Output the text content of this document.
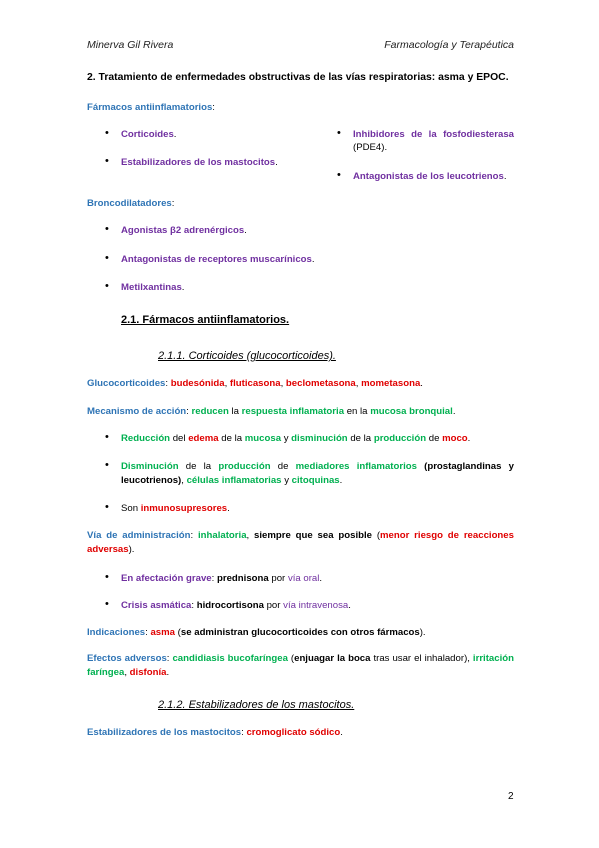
Minerva Gil Rivera	Farmacología y Terapéutica
2. Tratamiento de enfermedades obstructivas de las vías respiratorias: asma y EPOC.
Fármacos antiinflamatorios:
• Corticoides.
• Estabilizadores de los mastocitos.
• Inhibidores de la fosfodiesterasa (PDE4).
• Antagonistas de los leucotrienos.
Broncodilatadores:
• Agonistas β2 adrenérgicos.
• Antagonistas de receptores muscarínicos.
• Metilxantinas.
2.1. Fármacos antiinflamatorios.
2.1.1. Corticoides (glucocorticoides).
Glucocorticoides: budesónida, fluticasona, beclometasona, mometasona.
Mecanismo de acción: reducen la respuesta inflamatoria en la mucosa bronquial.
• Reducción del edema de la mucosa y disminución de la producción de moco.
• Disminución de la producción de mediadores inflamatorios (prostaglandinas y leucotrienos), células inflamatorias y citoquinas.
• Son inmunosupresores.
Vía de administración: inhalatoria, siempre que sea posible (menor riesgo de reacciones adversas).
• En afectación grave: prednisona por vía oral.
• Crisis asmática: hidrocortisona por vía intravenosa.
Indicaciones: asma (se administran glucocorticoides con otros fármacos).
Efectos adversos: candidiasis bucofaríngea (enjuagar la boca tras usar el inhalador), irritación faríngea, disfonía.
2.1.2. Estabilizadores de los mastocitos.
Estabilizadores de los mastocitos: cromoglicato sódico.
2
